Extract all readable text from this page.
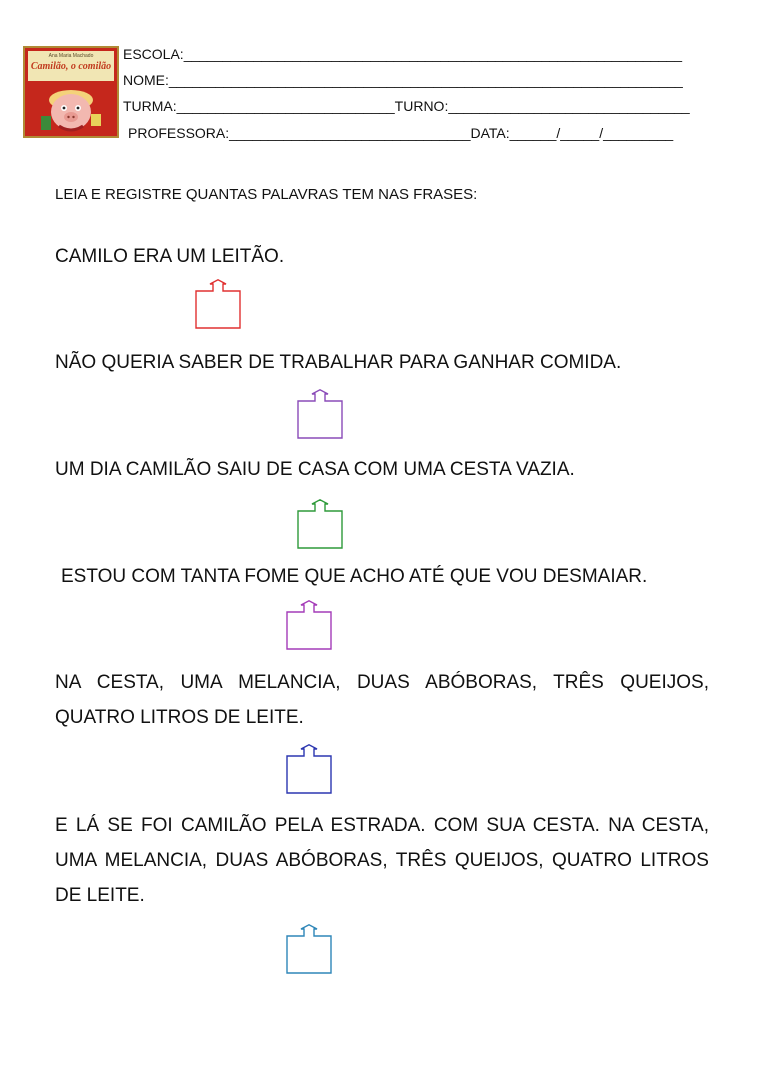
Ana Maria Machado
Camilão, o comilão
ESCOLA:________________________________________________________________
NOME:__________________________________________________________________
TURMA:____________________________TURNO:_______________________________
PROFESSORA:_______________________________DATA:______/_____/_________
LEIA E REGISTRE QUANTAS PALAVRAS TEM NAS FRASES:
CAMILO ERA UM LEITÃO.
NÃO QUERIA SABER DE TRABALHAR PARA GANHAR COMIDA.
UM DIA CAMILÃO SAIU DE CASA COM UMA CESTA VAZIA.
ESTOU COM TANTA FOME QUE ACHO ATÉ QUE VOU DESMAIAR.
NA CESTA, UMA MELANCIA, DUAS ABÓBORAS, TRÊS QUEIJOS, QUATRO LITROS DE LEITE.
E LÁ SE FOI CAMILÃO PELA ESTRADA. COM SUA CESTA. NA CESTA, UMA MELANCIA, DUAS ABÓBORAS, TRÊS QUEIJOS, QUATRO LITROS DE LEITE.
